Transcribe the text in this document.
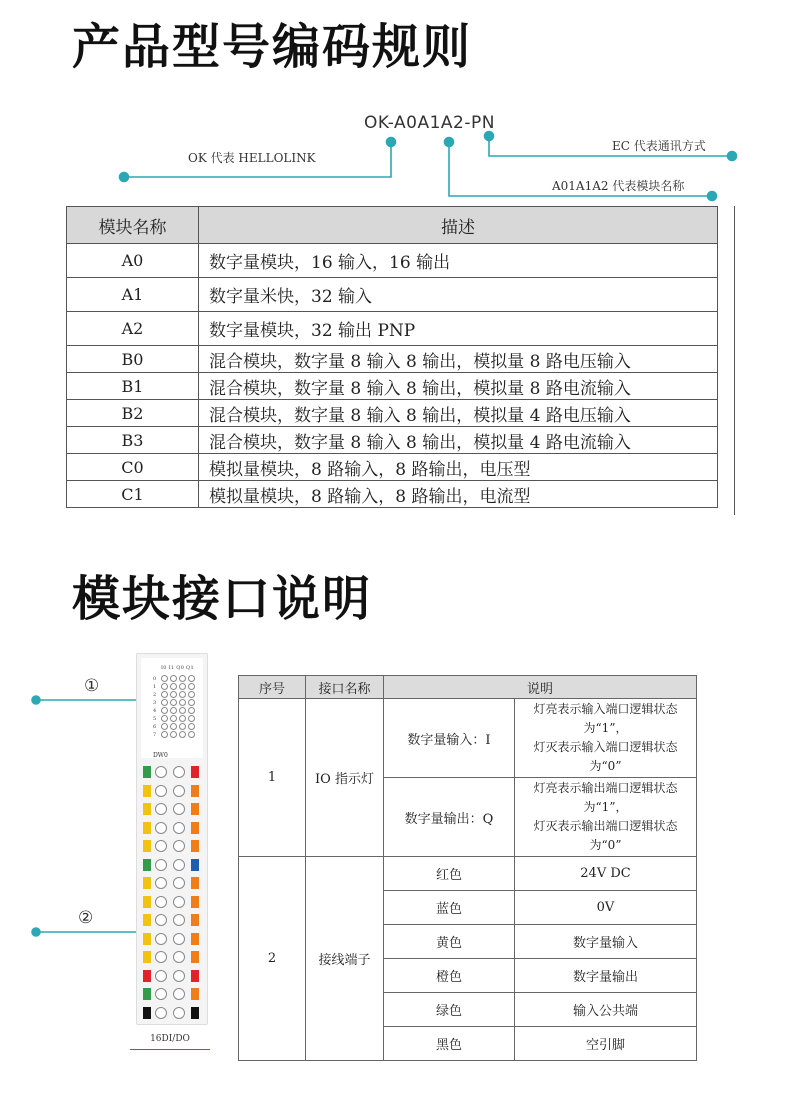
产品型号编码规则
OK-A0A1A2-PN
OK 代表 HELLOLINK
EC 代表通讯方式
A01A1A2 代表模块名称
模块名称	描述
A0	数字量模块，16 输入，16 输出
A1	数字量米快，32 输入
A2	数字量模块，32 输出 PNP
B0	混合模块，数字量 8 输入 8 输出，模拟量 8 路电压输入
B1	混合模块，数字量 8 输入 8 输出，模拟量 8 路电流输入
B2	混合模块，数字量 8 输入 8 输出，模拟量 4 路电压输入
B3	混合模块，数字量 8 输入 8 输出，模拟量 4 路电流输入
C0	模拟量模块，8 路输入，8 路输出，电压型
C1	模拟量模块，8 路输入，8 路输出，电流型
模块接口说明
①
②
I0 I1 Q0 Q1
DW0
0
1
2
3
4
5
6
7
16DI/DO
序号	接口名称	说明	
1	IO 指示灯	数字量输入：I	灯亮表示输入端口逻辑状态
为“1”，
灯灭表示输入端口逻辑状态
为“0”

		数字量输出：Q	灯亮表示输出端口逻辑状态
为“1”，
灯灭表示输出端口逻辑状态
为“0”

2	接线端子	红色	24V DC
		蓝色	0V
		黄色	数字量输入
		橙色	数字量输出
		绿色	输入公共端
		黑色	空引脚
